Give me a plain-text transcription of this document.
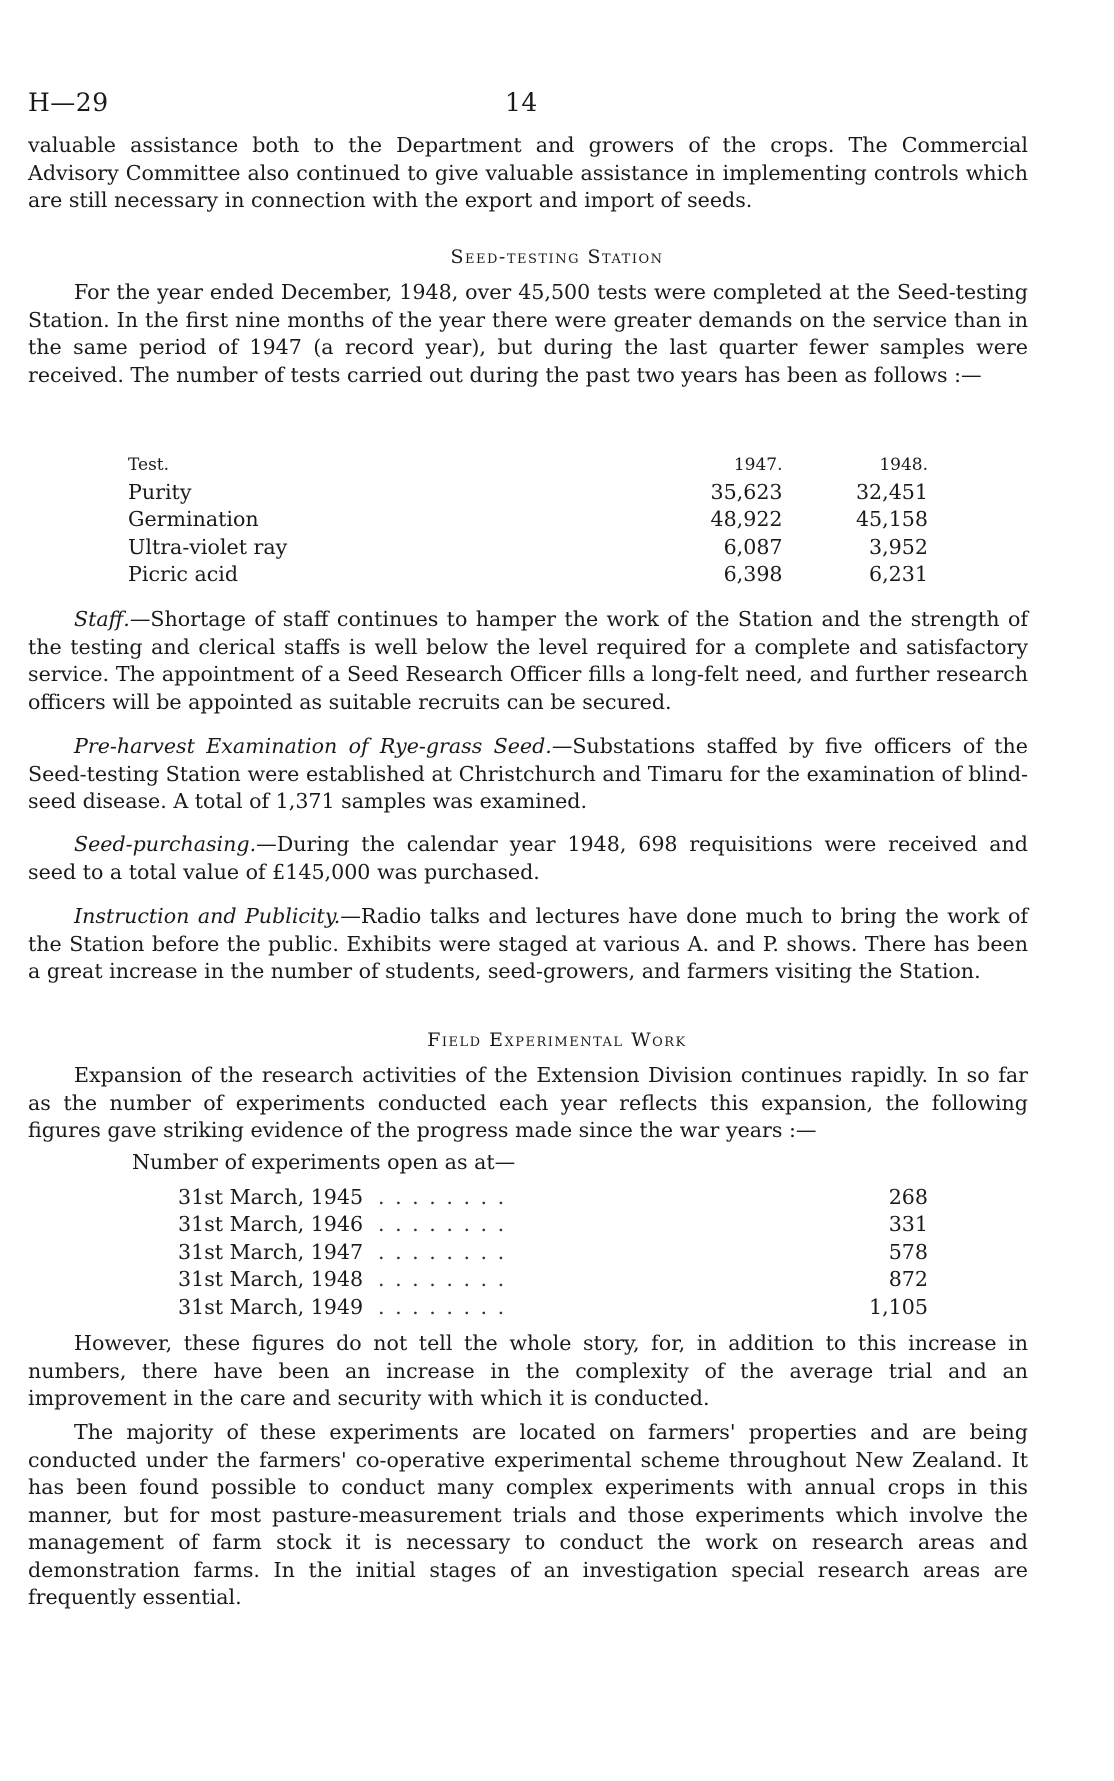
H—29	14
valuable assistance both to the Department and growers of the crops. The Commercial Advisory Committee also continued to give valuable assistance in implementing controls which are still necessary in connection with the export and import of seeds.
Seed-testing Station
For the year ended December, 1948, over 45,500 tests were completed at the Seed-testing Station. In the first nine months of the year there were greater demands on the service than in the same period of 1947 (a record year), but during the last quarter fewer samples were received. The number of tests carried out during the past two years has been as follows :—
Test.	1947.	1948.
Purity	35,623	32,451
Germination	48,922	45,158
Ultra-violet ray	6,087	3,952
Picric acid	6,398	6,231
Staff.—Shortage of staff continues to hamper the work of the Station and the strength of the testing and clerical staffs is well below the level required for a complete and satisfactory service. The appointment of a Seed Research Officer fills a long-felt need, and further research officers will be appointed as suitable recruits can be secured.
Pre-harvest Examination of Rye-grass Seed.—Substations staffed by five officers of the Seed-testing Station were established at Christchurch and Timaru for the examination of blind-seed disease. A total of 1,371 samples was examined.
Seed-purchasing.—During the calendar year 1948, 698 requisitions were received and seed to a total value of £145,000 was purchased.
Instruction and Publicity.—Radio talks and lectures have done much to bring the work of the Station before the public. Exhibits were staged at various A. and P. shows. There has been a great increase in the number of students, seed-growers, and farmers visiting the Station.
Field Experimental Work
Expansion of the research activities of the Extension Division continues rapidly. In so far as the number of experiments conducted each year reflects this expansion, the following figures gave striking evidence of the progress made since the war years :—
Number of experiments open as at—
31st March, 1945	. . . . . . . .	268
31st March, 1946	. . . . . . . .	331
31st March, 1947	. . . . . . . .	578
31st March, 1948	. . . . . . . .	872
31st March, 1949	. . . . . . . .	1,105
However, these figures do not tell the whole story, for, in addition to this increase in numbers, there have been an increase in the complexity of the average trial and an improvement in the care and security with which it is conducted.
The majority of these experiments are located on farmers' properties and are being conducted under the farmers' co-operative experimental scheme throughout New Zealand. It has been found possible to conduct many complex experiments with annual crops in this manner, but for most pasture-measurement trials and those experiments which involve the management of farm stock it is necessary to conduct the work on research areas and demonstration farms. In the initial stages of an investigation special research areas are frequently essential.
